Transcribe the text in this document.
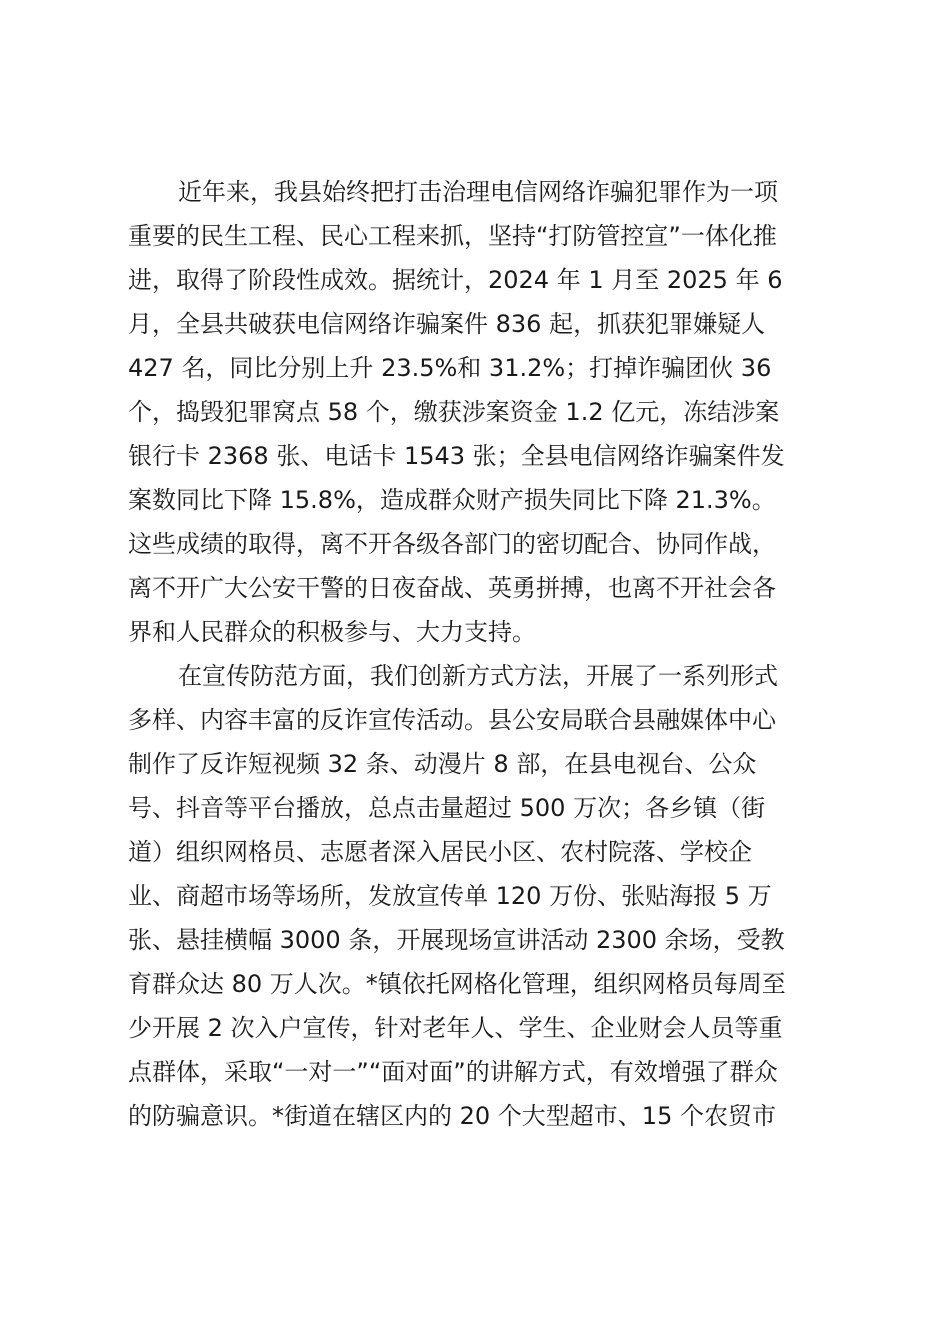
近年来，我县始终把打击治理电信网络诈骗犯罪作为一项
重要的民生工程、民心工程来抓，坚持“打防管控宣”一体化推
进，取得了阶段性成效。据统计，2024 年 1 月至 2025 年 6
月，全县共破获电信网络诈骗案件 836 起，抓获犯罪嫌疑人
427 名，同比分别上升 23.5%和 31.2%；打掉诈骗团伙 36
个，捣毁犯罪窝点 58 个，缴获涉案资金 1.2 亿元，冻结涉案
银行卡 2368 张、电话卡 1543 张；全县电信网络诈骗案件发
案数同比下降 15.8%，造成群众财产损失同比下降 21.3%。
这些成绩的取得，离不开各级各部门的密切配合、协同作战，
离不开广大公安干警的日夜奋战、英勇拼搏，也离不开社会各
界和人民群众的积极参与、大力支持。
在宣传防范方面，我们创新方式方法，开展了一系列形式
多样、内容丰富的反诈宣传活动。县公安局联合县融媒体中心
制作了反诈短视频 32 条、动漫片 8 部，在县电视台、公众
号、抖音等平台播放，总点击量超过 500 万次；各乡镇（街
道）组织网格员、志愿者深入居民小区、农村院落、学校企
业、商超市场等场所，发放宣传单 120 万份、张贴海报 5 万
张、悬挂横幅 3000 条，开展现场宣讲活动 2300 余场，受教
育群众达 80 万人次。*镇依托网格化管理，组织网格员每周至
少开展 2 次入户宣传，针对老年人、学生、企业财会人员等重
点群体，采取“一对一”“面对面”的讲解方式，有效增强了群众
的防骗意识。*街道在辖区内的 20 个大型超市、15 个农贸市
